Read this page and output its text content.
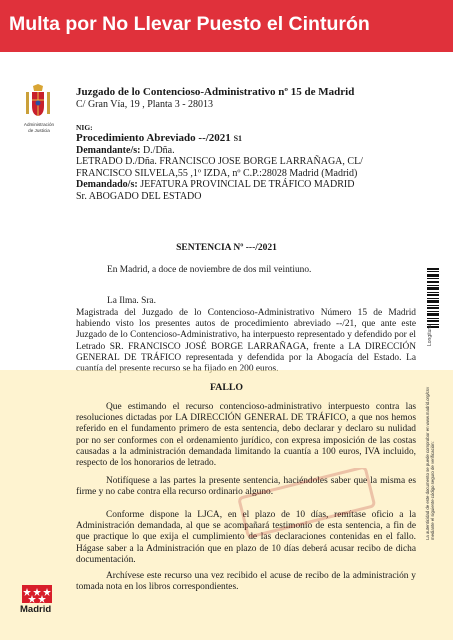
Multa por No Llevar Puesto el Cinturón
Administración
de Justicia
Juzgado de lo Contencioso-Administrativo nº 15 de Madrid
C/ Gran Vía, 19 , Planta 3 - 28013
NIG:
Procedimiento Abreviado --/2021 S1
Demandante/s: D./Dña.
LETRADO D./Dña. FRANCISCO JOSE BORGE LARRAÑAGA, CL/ FRANCISCO SILVELA,55 ,1º IZDA, nº C.P.:28028 Madrid (Madrid)
Demandado/s: JEFATURA PROVINCIAL DE TRÁFICO MADRID
Sr. ABOGADO DEL ESTADO
SENTENCIA Nº ---/2021
En Madrid, a doce de noviembre de dos mil veintiuno.
La Ilma. Sra.
Magistrada del Juzgado de lo Contencioso-Administrativo Número 15 de Madrid habiendo visto los presentes autos de procedimiento abreviado --/21, que ante este Juzgado de lo Contencioso-Administrativo, ha interpuesto representado y defendido por el Letrado SR. FRANCISCO JOSÉ BORGE LARRAÑAGA, frente a LA DIRECCIÓN GENERAL DE TRÁFICO representada y defendida por la Abogacía del Estado. La
Longitura
La autenticidad de este documento se puede comprobar en www.madrid.org/csv mediante el siguiente código seguro de verificación:
FALLO
Que estimando el recurso contencioso-administrativo interpuesto contra las resoluciones dictadas por LA DIRECCIÓN GENERAL DE TRÁFICO, a que nos hemos referido en el fundamento primero de esta sentencia, debo declarar y declaro su nulidad por no ser conformes con el ordenamiento jurídico, con expresa imposición de las costas causadas a la administración demandada limitando la cuantía a 100 euros, IVA incluido, respecto de los honorarios de letrado.
Notifíquese a las partes la presente sentencia, haciéndoles saber que la misma es firme y no cabe contra ella recurso ordinario alguno.
Conforme dispone la LJCA, en el plazo de 10 días, remítase oficio a la Administración demandada, al que se acompañará testimonio de esta sentencia, a fin de que practique lo que exija el cumplimiento de las declaraciones contenidas en el fallo. Hágase saber a la Administración que en plazo de 10 días deberá acusar recibo de dicha documentación.
Archívese este recurso una vez recibido el acuse de recibo de la administración y tomada nota en los libros correspondientes.
Madrid
